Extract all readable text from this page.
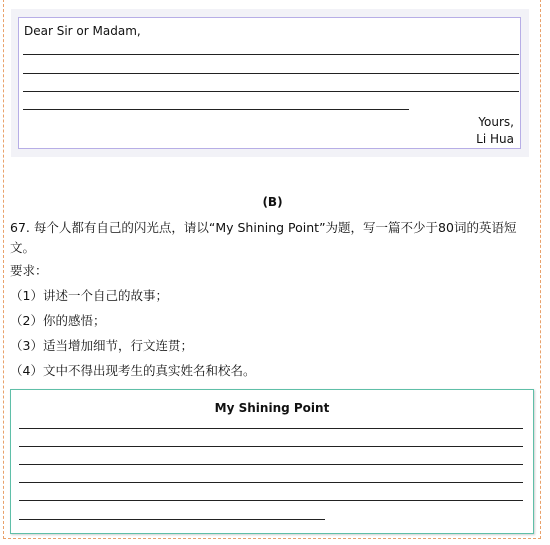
Dear Sir or Madam,
Yours,
Li Hua
(B)
67. 每个人都有自己的闪光点，请以“My Shining Point”为题，写一篇不少于80词的英语短文。
要求：
（1）讲述一个自己的故事；
（2）你的感悟；
（3）适当增加细节，行文连贯；
（4）文中不得出现考生的真实姓名和校名。
My Shining Point
